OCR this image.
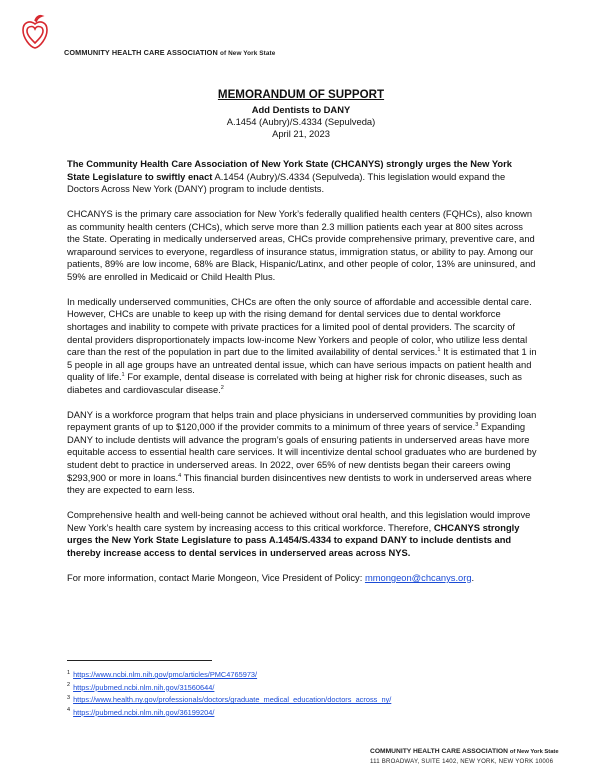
COMMUNITY HEALTH CARE ASSOCIATION of New York State
MEMORANDUM OF SUPPORT
Add Dentists to DANY
A.1454 (Aubry)/S.4334 (Sepulveda)
April 21, 2023

The Community Health Care Association of New York State (CHCANYS) strongly urges the New York State Legislature to swiftly enact A.1454 (Aubry)/S.4334 (Sepulveda). This legislation would expand the Doctors Across New York (DANY) program to include dentists.

CHCANYS is the primary care association for New York’s federally qualified health centers (FQHCs), also known as community health centers (CHCs), which serve more than 2.3 million patients each year at 800 sites across the State. Operating in medically underserved areas, CHCs provide comprehensive primary, preventive care, and wraparound services to everyone, regardless of insurance status, immigration status, or ability to pay. Among our patients, 89% are low income, 68% are Black, Hispanic/Latinx, and other people of color, 13% are uninsured, and 59% are enrolled in Medicaid or Child Health Plus.

In medically underserved communities, CHCs are often the only source of affordable and accessible dental care. However, CHCs are unable to keep up with the rising demand for dental services due to dental workforce shortages and inability to compete with private practices for a limited pool of dental providers. The scarcity of dental providers disproportionately impacts low-income New Yorkers and people of color, who utilize less dental care than the rest of the population in part due to the limited availability of dental services.$^1$ It is estimated that 1 in 5 people in all age groups have an untreated dental issue, which can have serious impacts on patient health and quality of life.$^1$ For example, dental disease is correlated with being at higher risk for chronic diseases, such as diabetes and cardiovascular disease.$^2$

DANY is a workforce program that helps train and place physicians in underserved communities by providing loan repayment grants of up to $120,000 if the provider commits to a minimum of three years of service.$^3$ Expanding DANY to include dentists will advance the program’s goals of ensuring patients in underserved areas have more equitable access to essential health care services. It will incentivize dental school graduates who are burdened by student debt to practice in underserved areas. In 2022, over 65% of new dentists began their careers owing $293,900 or more in loans.$^4$ This financial burden disincentives new dentists to work in underserved areas where they are expected to earn less.

Comprehensive health and well-being cannot be achieved without oral health, and this legislation would improve New York’s health care system by increasing access to this critical workforce. Therefore, CHCANYS strongly urges the New York State Legislature to pass A.1454/S.4334 to expand DANY to include dentists and thereby increase access to dental services in underserved areas across NYS.

For more information, contact Marie Mongeon, Vice President of Policy: mmongeon@chcanys.org.

$^1$ https://www.ncbi.nlm.nih.gov/pmc/articles/PMC4765973/
$^2$ https://pubmed.ncbi.nlm.nih.gov/31560644/
$^3$ https://www.health.ny.gov/professionals/doctors/graduate_medical_education/doctors_across_ny/
$^4$ https://pubmed.ncbi.nlm.nih.gov/36199204/
COMMUNITY HEALTH CARE ASSOCIATION of New York State
111 BROADWAY, SUITE 1402, NEW YORK, NEW YORK 10006
